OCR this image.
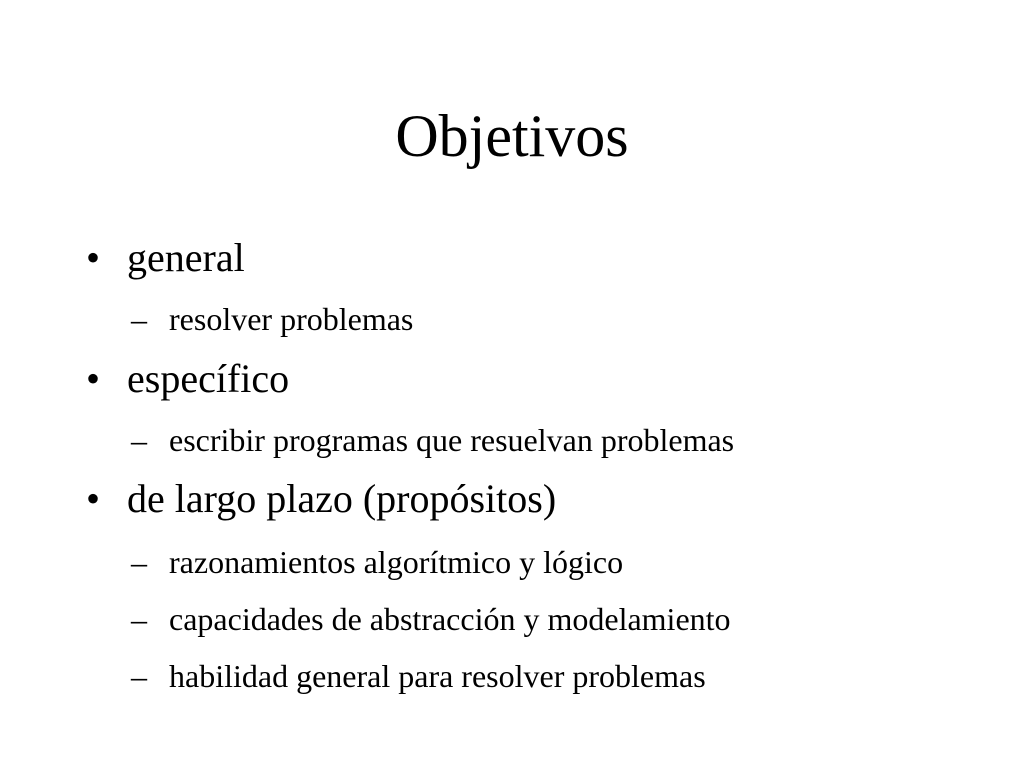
Objetivos
• general
– resolver problemas
• específico
– escribir programas que resuelvan problemas
• de largo plazo (propósitos)
– razonamientos algorítmico y lógico
– capacidades de abstracción y modelamiento
– habilidad general para resolver problemas
